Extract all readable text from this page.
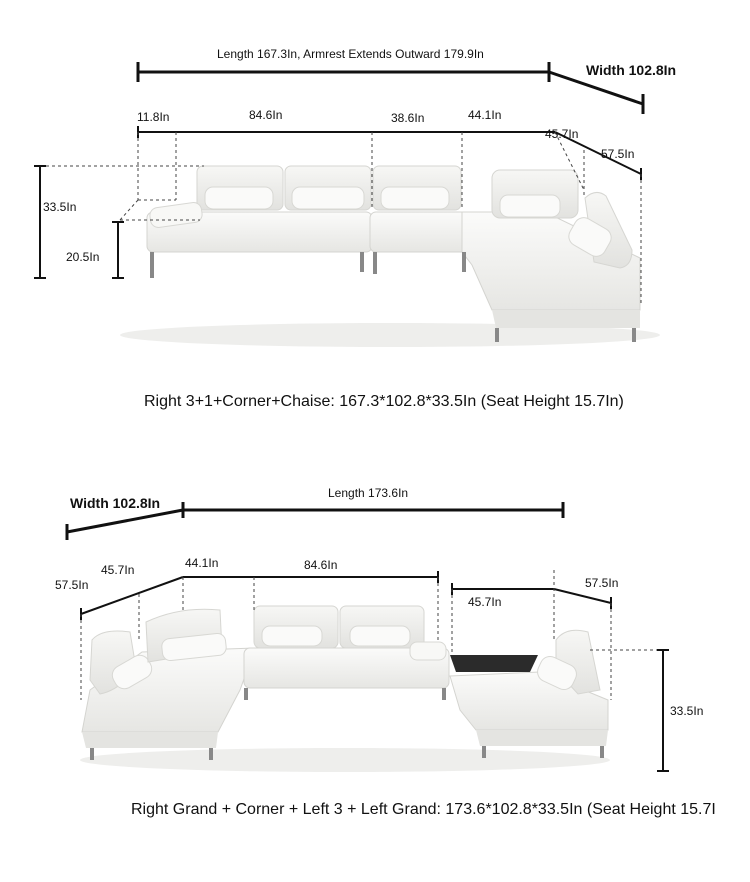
Length 167.3In, Armrest Extends Outward 179.9In
Width 102.8In
11.8In	84.6In	38.6In	44.1In
45.7In
57.5In
33.5In
20.5In
Right 3+1+Corner+Chaise: 167.3*102.8*33.5In (Seat Height 15.7In)
Width 102.8In
Length 173.6In
57.5In
45.7In	44.1In	84.6In
45.7In
57.5In
33.5In
Right Grand + Corner + Left 3 + Left Grand: 173.6*102.8*33.5In (Seat Height 15.7I
